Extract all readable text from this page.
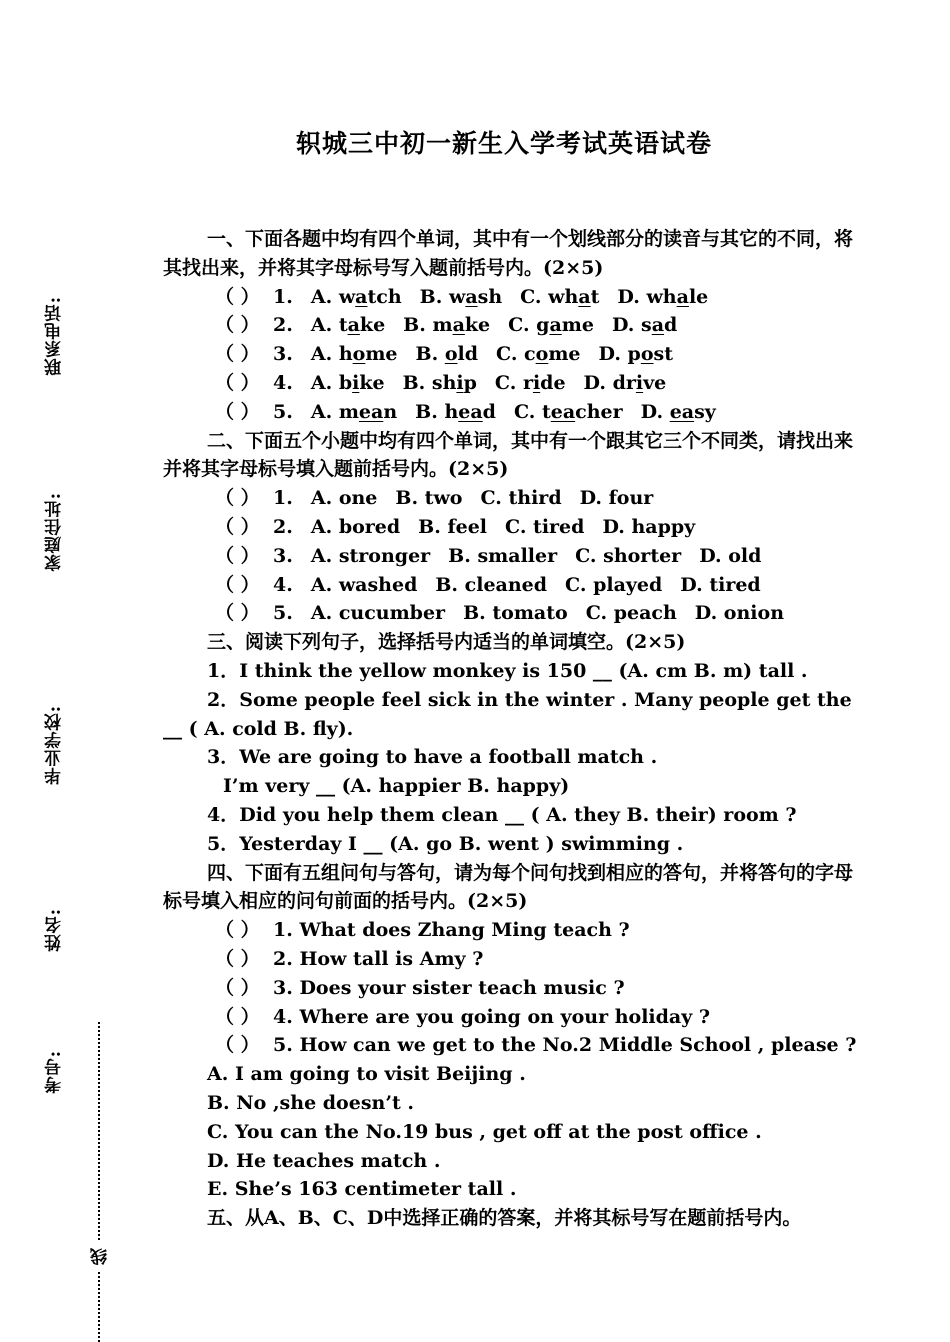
联系电话:
家庭住址:
毕业学校:
姓名:
考号:
线
轵城三中初一新生入学考试英语试卷
一、下面各题中均有四个单词，其中有一个划线部分的读音与其它的不同，将其找出来，并将其字母标号写入题前括号内。(2×5)
（ ） 1. A. watch B. wash C. what D. whale
（ ） 2. A. take B. make C. game D. sad
（ ） 3. A. home B. old C. come D. post
（ ） 4. A. bike B. ship C. ride D. drive
（ ） 5. A. mean B. head C. teacher D. easy
二、下面五个小题中均有四个单词，其中有一个跟其它三个不同类，请找出来并将其字母标号填入题前括号内。(2×5)
（ ） 1. A. one B. two C. third D. four
（ ） 2. A. bored B. feel C. tired D. happy
（ ） 3. A. stronger B. smaller C. shorter D. old
（ ） 4. A. washed B. cleaned C. played D. tired
（ ） 5. A. cucumber B. tomato C. peach D. onion
三、阅读下列句子，选择括号内适当的单词填空。(2×5)
1．I think the yellow monkey is 150 __ (A. cm B. m) tall .
2．Some people feel sick in the winter . Many people get the __ ( A. cold B. fly).
3．We are going to have a football match .
I’m very __ (A. happier B. happy)
4．Did you help them clean __ ( A. they B. their) room ?
5．Yesterday I __ (A. go B. went ) swimming .
四、下面有五组问句与答句，请为每个问句找到相应的答句，并将答句的字母标号填入相应的问句前面的括号内。(2×5)
（ ） 1. What does Zhang Ming teach ?
（ ） 2. How tall is Amy ?
（ ） 3. Does your sister teach music ?
（ ） 4. Where are you going on your holiday ?
（ ） 5. How can we get to the No.2 Middle School , please ?
A. I am going to visit Beijing .
B. No ,she doesn’t .
C. You can the No.19 bus , get off at the post office .
D. He teaches match .
E. She’s 163 centimeter tall .
五、从A、B、C、D中选择正确的答案，并将其标号写在题前括号内。
